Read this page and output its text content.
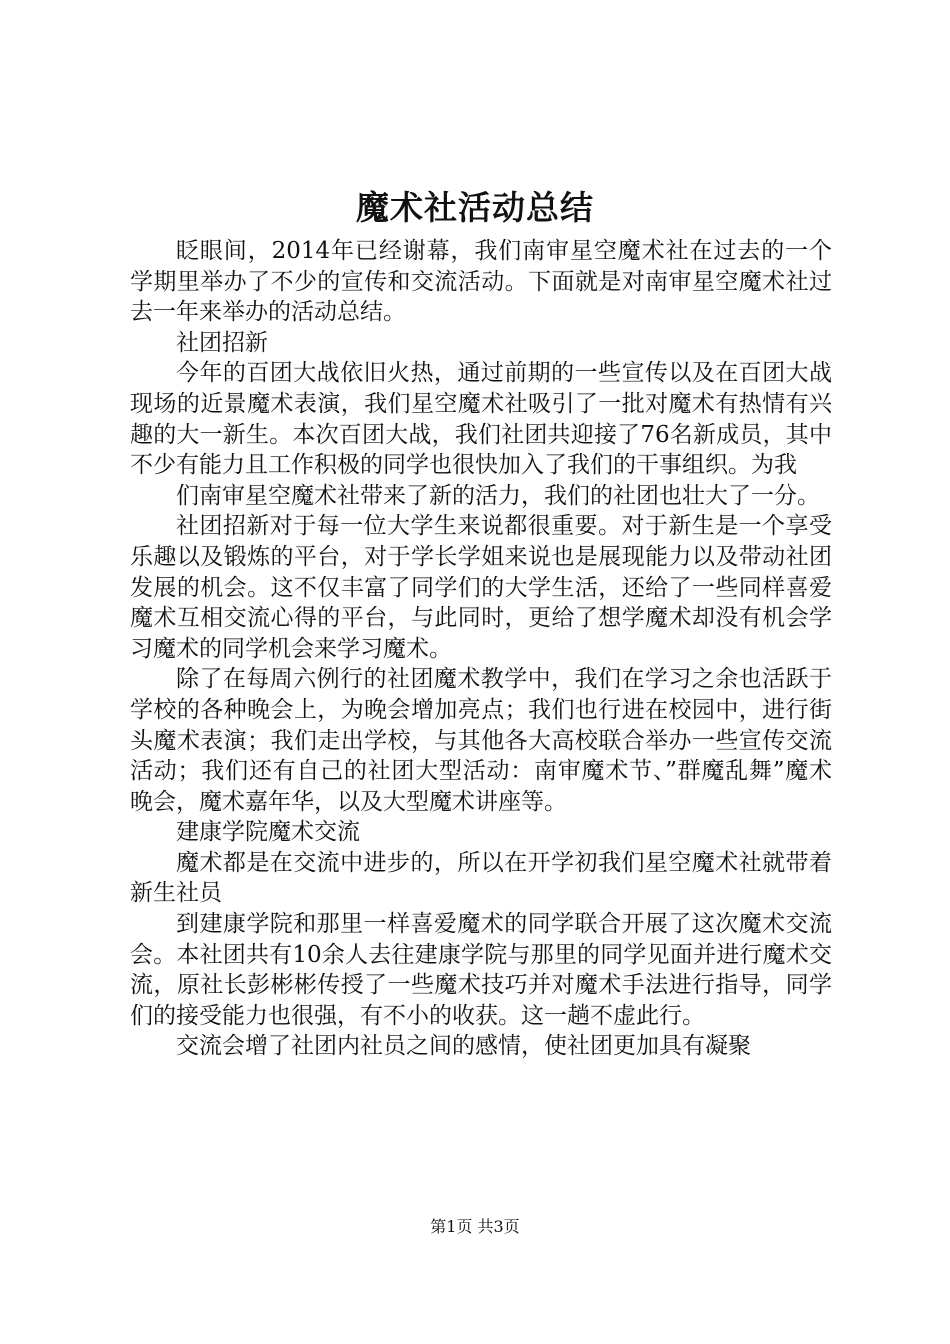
魔术社活动总结

眨眼间，2014年已经谢幕，我们南审星空魔术社在过去的一个学期里举办了不少的宣传和交流活动。下面就是对南审星空魔术社过去一年来举办的活动总结。

社团招新

今年的百团大战依旧火热，通过前期的一些宣传以及在百团大战现场的近景魔术表演，我们星空魔术社吸引了一批对魔术有热情有兴趣的大一新生。本次百团大战，我们社团共迎接了76名新成员，其中不少有能力且工作积极的同学也很快加入了我们的干事组织。为我

们南审星空魔术社带来了新的活力，我们的社团也壮大了一分。

社团招新对于每一位大学生来说都很重要。对于新生是一个享受乐趣以及锻炼的平台，对于学长学姐来说也是展现能力以及带动社团发展的机会。这不仅丰富了同学们的大学生活，还给了一些同样喜爱魔术互相交流心得的平台，与此同时，更给了想学魔术却没有机会学习魔术的同学机会来学习魔术。

除了在每周六例行的社团魔术教学中，我们在学习之余也活跃于学校的各种晚会上，为晚会增加亮点；我们也行进在校园中，进行街头魔术表演；我们走出学校，与其他各大高校联合举办一些宣传交流活动；我们还有自己的社团大型活动：南审魔术节、”群魔乱舞”魔术晚会，魔术嘉年华，以及大型魔术讲座等。

建康学院魔术交流

魔术都是在交流中进步的，所以在开学初我们星空魔术社就带着新生社员

到建康学院和那里一样喜爱魔术的同学联合开展了这次魔术交流会。本社团共有10余人去往建康学院与那里的同学见面并进行魔术交流，原社长彭彬彬传授了一些魔术技巧并对魔术手法进行指导，同学们的接受能力也很强，有不小的收获。这一趟不虚此行。

交流会增了社团内社员之间的感情，使社团更加具有凝聚

第1页 共3页
